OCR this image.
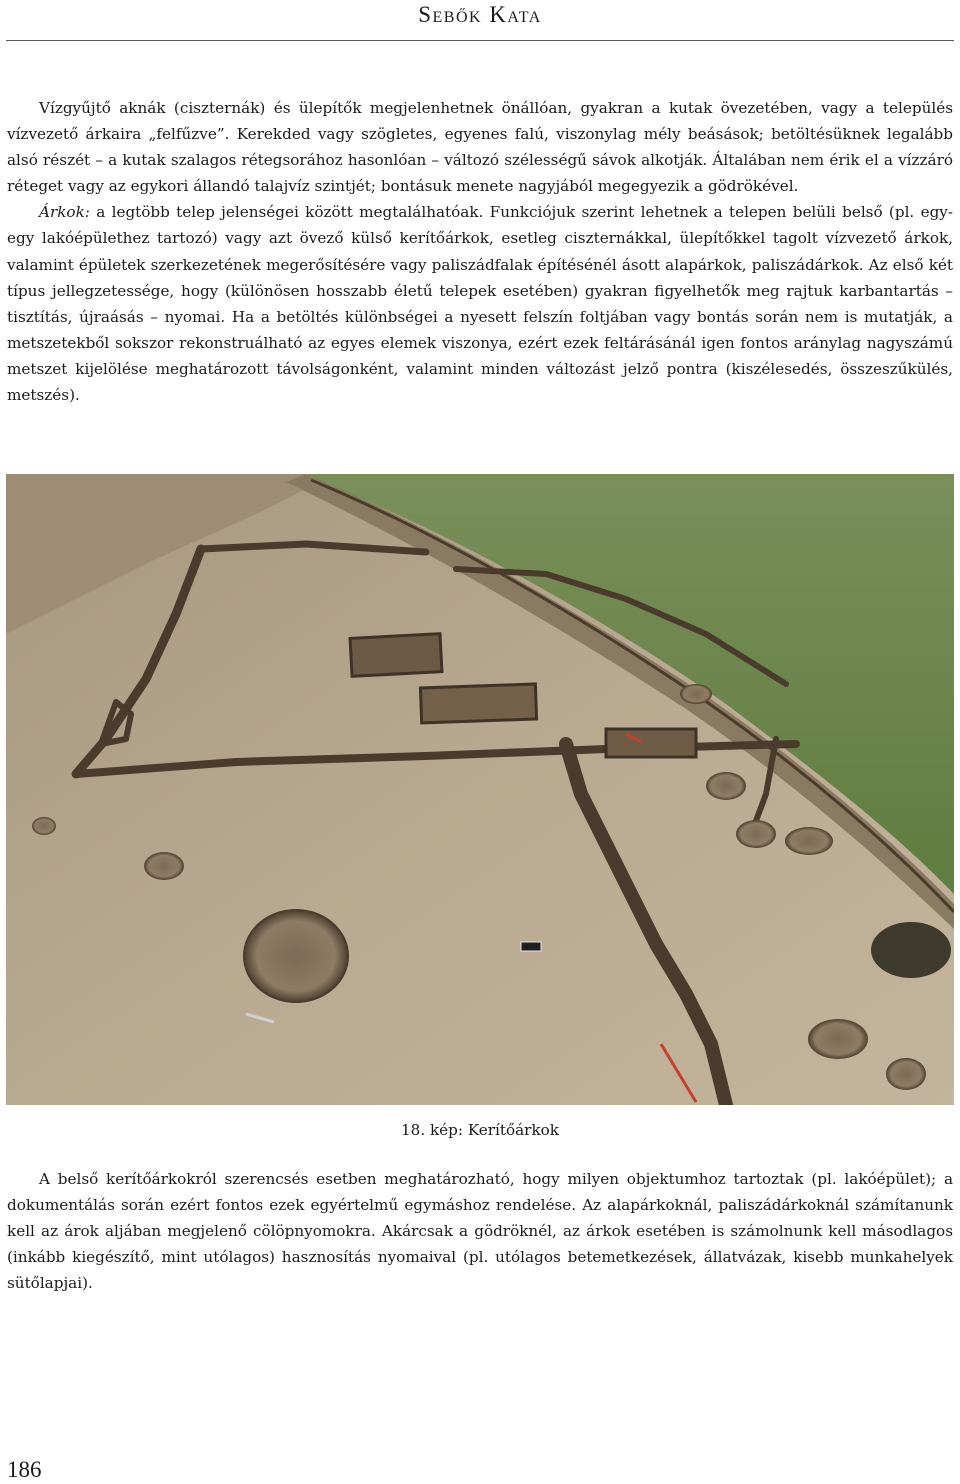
Sebők Kata

Vízgyűjtő aknák (ciszternák) és ülepítők megjelenhetnek önállóan, gyakran a kutak övezetében, vagy a település vízvezető árkaira „felfűzve”. Kerekded vagy szögletes, egyenes falú, viszonylag mély beásások; betöltésüknek legalább alsó részét – a kutak szalagos rétegsorához hasonlóan – változó szélességű sávok alkotják. Általában nem érik el a vízzáró réteget vagy az egykori állandó talajvíz szintjét; bontásuk menete nagyjából megegyezik a gödrökével.

Árkok: a legtöbb telep jelenségei között megtalálhatóak. Funkciójuk szerint lehetnek a telepen belüli belső (pl. egy-egy lakóépülethez tartozó) vagy azt övező külső kerítőárkok, esetleg ciszternákkal, ülepítőkkel tagolt vízvezető árkok, valamint épületek szerkezetének megerősítésére vagy paliszádfalak építésénél ásott alapárkok, paliszádárkok. Az első két típus jellegzetessége, hogy (különösen hosszabb életű telepek esetében) gyakran figyelhetők meg rajtuk karbantartás – tisztítás, újraásás – nyomai. Ha a betöltés különbségei a nyesett felszín foltjában vagy bontás során nem is mutatják, a metszetekből sokszor rekonstruálható az egyes elemek viszonya, ezért ezek feltárásánál igen fontos aránylag nagyszámú metszet kijelölése meghatározott távolságonként, valamint minden változást jelző pontra (kiszélesedés, összeszűkülés, metszés).

18. kép: Kerítőárkok

A belső kerítőárkokról szerencsés esetben meghatározható, hogy milyen objektumhoz tartoztak (pl. lakóépület); a dokumentálás során ezért fontos ezek egyértelmű egymáshoz rendelése. Az alapárkoknál, paliszádárkoknál számítanunk kell az árok aljában megjelenő cölöpnyomokra. Akárcsak a gödröknél, az árkok esetében is számolnunk kell másodlagos (inkább kiegészítő, mint utólagos) hasznosítás nyomaival (pl. utólagos betemetkezések, állatvázak, kisebb munkahelyek sütőlapjai).

186
